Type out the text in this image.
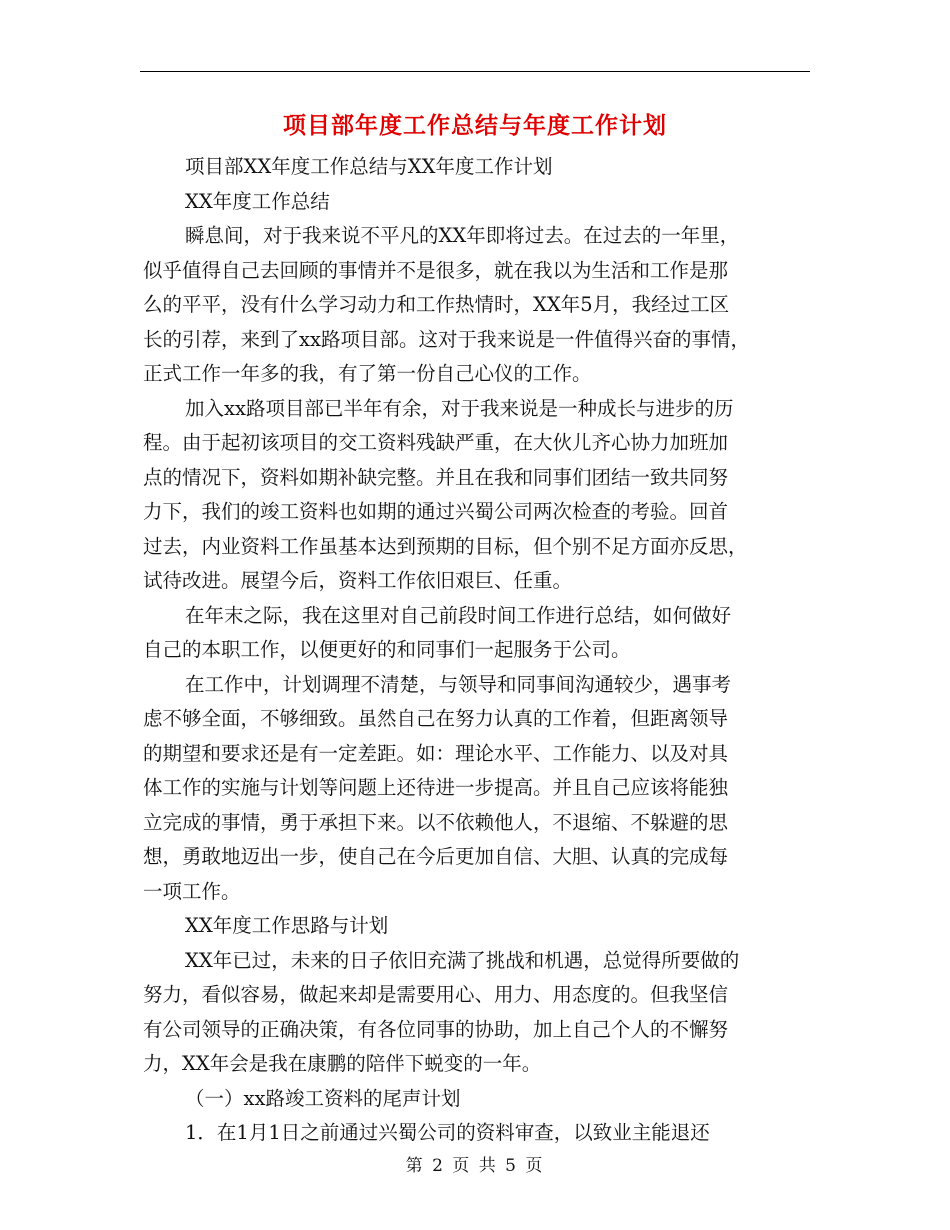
项目部年度工作总结与年度工作计划
项目部XX年度工作总结与XX年度工作计划
XX年度工作总结
瞬息间，对于我来说不平凡的XX年即将过去。在过去的一年里，
似乎值得自己去回顾的事情并不是很多，就在我以为生活和工作是那
么的平平，没有什么学习动力和工作热情时，XX年5月，我经过工区
长的引荐，来到了xx路项目部。这对于我来说是一件值得兴奋的事情，
正式工作一年多的我，有了第一份自己心仪的工作。
加入xx路项目部已半年有余，对于我来说是一种成长与进步的历
程。由于起初该项目的交工资料残缺严重，在大伙儿齐心协力加班加
点的情况下，资料如期补缺完整。并且在我和同事们团结一致共同努
力下，我们的竣工资料也如期的通过兴蜀公司两次检查的考验。回首
过去，内业资料工作虽基本达到预期的目标，但个别不足方面亦反思，
试待改进。展望今后，资料工作依旧艰巨、任重。
在年末之际，我在这里对自己前段时间工作进行总结，如何做好
自己的本职工作，以便更好的和同事们一起服务于公司。
在工作中，计划调理不清楚，与领导和同事间沟通较少，遇事考
虑不够全面，不够细致。虽然自己在努力认真的工作着，但距离领导
的期望和要求还是有一定差距。如：理论水平、工作能力、以及对具
体工作的实施与计划等问题上还待进一步提高。并且自己应该将能独
立完成的事情，勇于承担下来。以不依赖他人，不退缩、不躲避的思
想，勇敢地迈出一步，使自己在今后更加自信、大胆、认真的完成每
一项工作。
XX年度工作思路与计划
XX年已过，未来的日子依旧充满了挑战和机遇，总觉得所要做的
努力，看似容易，做起来却是需要用心、用力、用态度的。但我坚信
有公司领导的正确决策，有各位同事的协助，加上自己个人的不懈努
力，XX年会是我在康鹏的陪伴下蜕变的一年。
（一）xx路竣工资料的尾声计划
1．在1月1日之前通过兴蜀公司的资料审查，以致业主能退还
第 2 页 共 5 页
